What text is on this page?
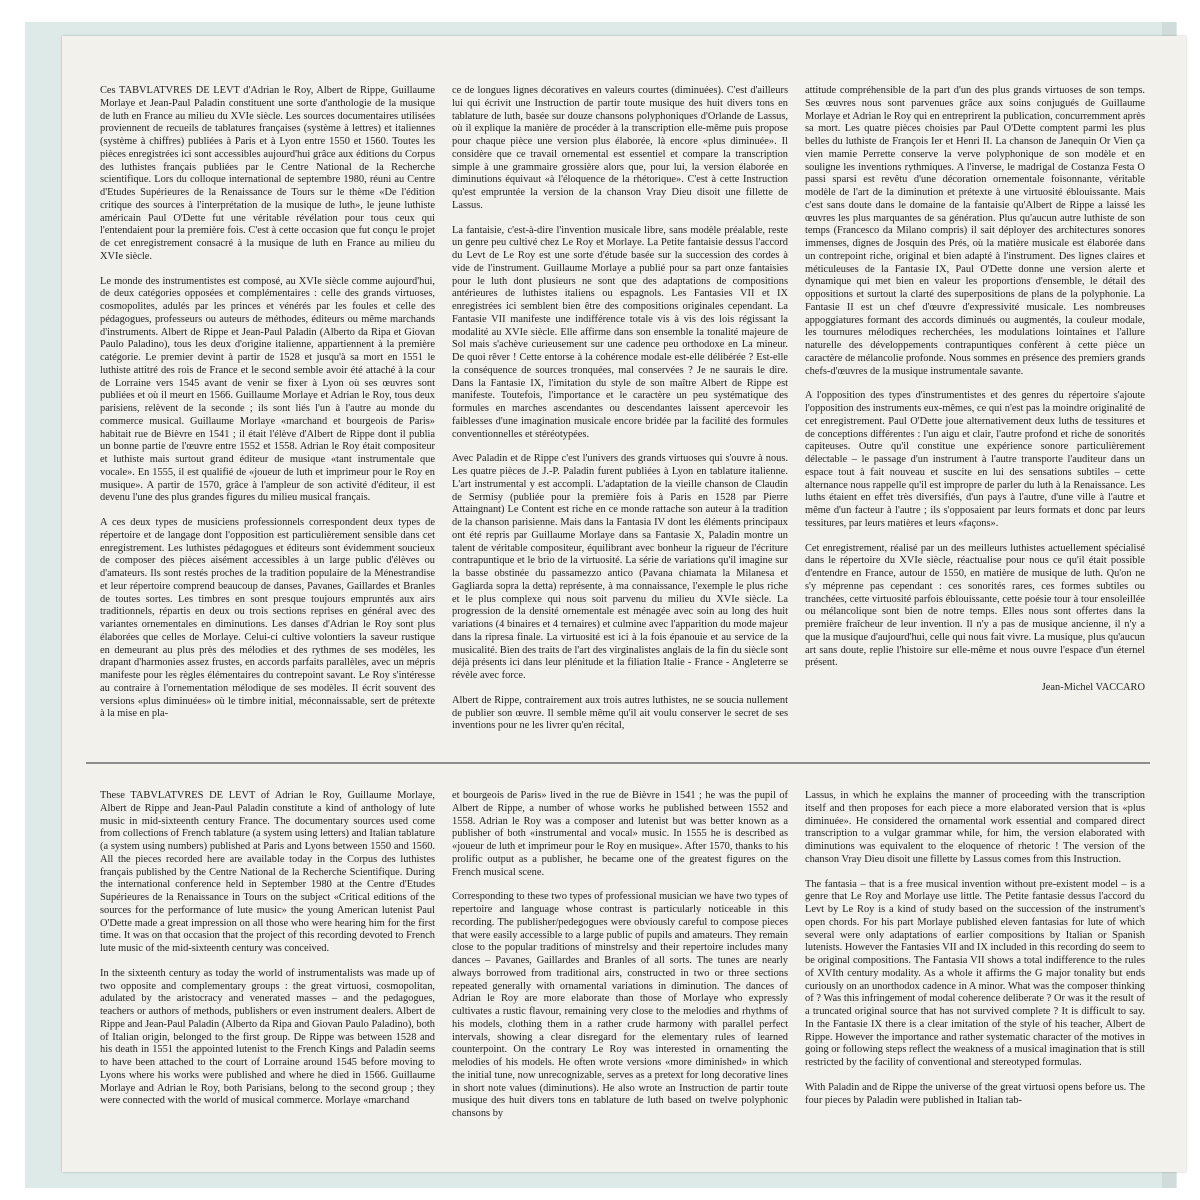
Ces TABVLATVRES DE LEVT d'Adrian le Roy, Albert de Rippe, Guillaume Morlaye et Jean-Paul Paladin constituent une sorte d'anthologie de la musique de luth en France au milieu du XVIe siècle. Les sources documentaires utilisées proviennent de recueils de tablatures françaises (système à lettres) et italiennes (système à chiffres) publiées à Paris et à Lyon entre 1550 et 1560. Toutes les pièces enregistrées ici sont accessibles aujourd'hui grâce aux éditions du Corpus des luthistes français publiées par le Centre National de la Recherche scientifique. Lors du colloque international de septembre 1980, réuni au Centre d'Etudes Supérieures de la Renaissance de Tours sur le thème «De l'édition critique des sources à l'interprétation de la musique de luth», le jeune luthiste américain Paul O'Dette fut une véritable révélation pour tous ceux qui l'entendaient pour la première fois. C'est à cette occasion que fut conçu le projet de cet enregistrement consacré à la musique de luth en France au milieu du XVIe siècle.

Le monde des instrumentistes est composé, au XVIe siècle comme aujourd'hui, de deux catégories opposées et complémentaires : celle des grands virtuoses, cosmopolites, adulés par les princes et vénérés par les foules et celle des pédagogues, professeurs ou auteurs de méthodes, éditeurs ou même marchands d'instruments. Albert de Rippe et Jean-Paul Paladin (Alberto da Ripa et Giovan Paulo Paladino), tous les deux d'origine italienne, appartiennent à la première catégorie. Le premier devint à partir de 1528 et jusqu'à sa mort en 1551 le luthiste attitré des rois de France et le second semble avoir été attaché à la cour de Lorraine vers 1545 avant de venir se fixer à Lyon où ses œuvres sont publiées et où il meurt en 1566. Guillaume Morlaye et Adrian le Roy, tous deux parisiens, relèvent de la seconde ; ils sont liés l'un à l'autre au monde du commerce musical. Guillaume Morlaye «marchand et bourgeois de Paris» habitait rue de Bièvre en 1541 ; il était l'élève d'Albert de Rippe dont il publia un bonne partie de l'œuvre entre 1552 et 1558. Adrian le Roy était compositeur et luthiste mais surtout grand éditeur de musique «tant instrumentale que vocale». En 1555, il est qualifié de «joueur de luth et imprimeur pour le Roy en musique». A partir de 1570, grâce à l'ampleur de son activité d'éditeur, il est devenu l'une des plus grandes figures du milieu musical français.

A ces deux types de musiciens professionnels correspondent deux types de répertoire et de langage dont l'opposition est particulièrement sensible dans cet enregistrement. Les luthistes pédagogues et éditeurs sont évidemment soucieux de composer des pièces aisément accessibles à un large public d'élèves ou d'amateurs. Ils sont restés proches de la tradition populaire de la Ménestrandise et leur répertoire comprend beaucoup de danses, Pavanes, Gaillardes et Branles de toutes sortes. Les timbres en sont presque toujours empruntés aux airs traditionnels, répartis en deux ou trois sections reprises en général avec des variantes ornementales en diminutions. Les danses d'Adrian le Roy sont plus élaborées que celles de Morlaye. Celui-ci cultive volontiers la saveur rustique en demeurant au plus près des mélodies et des rythmes de ses modèles, les drapant d'harmonies assez frustes, en accords parfaits parallèles, avec un mépris manifeste pour les règles élémentaires du contrepoint savant. Le Roy s'intéresse au contraire à l'ornementation mélodique de ses modèles. Il écrit souvent des versions «plus diminuées» où le timbre initial, méconnaissable, sert de prétexte à la mise en pla-

ce de longues lignes décoratives en valeurs courtes (diminuées). C'est d'ailleurs lui qui écrivit une Instruction de partir toute musique des huit divers tons en tablature de luth, basée sur douze chansons polyphoniques d'Orlande de Lassus, où il explique la manière de procéder à la transcription elle-même puis propose pour chaque pièce une version plus élaborée, là encore «plus diminuée». Il considère que ce travail ornemental est essentiel et compare la transcription simple à une grammaire grossière alors que, pour lui, la version élaborée en diminutions équivaut «à l'éloquence de la rhétorique». C'est à cette Instruction qu'est empruntée la version de la chanson Vray Dieu disoit une fillette de Lassus.

La fantaisie, c'est-à-dire l'invention musicale libre, sans modèle préalable, reste un genre peu cultivé chez Le Roy et Morlaye. La Petite fantaisie dessus l'accord du Levt de Le Roy est une sorte d'étude basée sur la succession des cordes à vide de l'instrument. Guillaume Morlaye a publié pour sa part onze fantaisies pour le luth dont plusieurs ne sont que des adaptations de compositions antérieures de luthistes italiens ou espagnols. Les Fantasies VII et IX enregistrées ici semblent bien être des compositions originales cependant. La Fantasie VII manifeste une indifférence totale vis à vis des lois régissant la modalité au XVIe siècle. Elle affirme dans son ensemble la tonalité majeure de Sol mais s'achève curieusement sur une cadence peu orthodoxe en La mineur. De quoi rêver ! Cette entorse à la cohérence modale est-elle délibérée ? Est-elle la conséquence de sources tronquées, mal conservées ? Je ne saurais le dire. Dans la Fantasie IX, l'imitation du style de son maître Albert de Rippe est manifeste. Toutefois, l'importance et le caractère un peu systématique des formules en marches ascendantes ou descendantes laissent apercevoir les faiblesses d'une imagination musicale encore bridée par la facilité des formules conventionnelles et stéréotypées.

Avec Paladin et de Rippe c'est l'univers des grands virtuoses qui s'ouvre à nous. Les quatre pièces de J.-P. Paladin furent publiées à Lyon en tablature italienne. L'art instrumental y est accompli. L'adaptation de la vieille chanson de Claudin de Sermisy (publiée pour la première fois à Paris en 1528 par Pierre Attaingnant) Le Content est riche en ce monde rattache son auteur à la tradition de la chanson parisienne. Mais dans la Fantasia IV dont les éléments principaux ont été repris par Guillaume Morlaye dans sa Fantasie X, Paladin montre un talent de véritable compositeur, équilibrant avec bonheur la rigueur de l'écriture contrapuntique et le brio de la virtuosité. La série de variations qu'il imagine sur la basse obstinée du passamezzo antico (Pavana chiamata la Milanesa et Gagliarda sopra la detta) représente, à ma connaissance, l'exemple le plus riche et le plus complexe qui nous soit parvenu du milieu du XVIe siècle. La progression de la densité ornementale est ménagée avec soin au long des huit variations (4 binaires et 4 ternaires) et culmine avec l'apparition du mode majeur dans la ripresa finale. La virtuosité est ici à la fois épanouie et au service de la musicalité. Bien des traits de l'art des virginalistes anglais de la fin du siècle sont déjà présents ici dans leur plénitude et la filiation Italie - France - Angleterre se révèle avec force.

Albert de Rippe, contrairement aux trois autres luthistes, ne se soucia nullement de publier son œuvre. Il semble même qu'il ait voulu conserver le secret de ses inventions pour ne les livrer qu'en récital,

attitude compréhensible de la part d'un des plus grands virtuoses de son temps. Ses œuvres nous sont parvenues grâce aux soins conjugués de Guillaume Morlaye et Adrian le Roy qui en entreprirent la publication, concurremment après sa mort. Les quatre pièces choisies par Paul O'Dette comptent parmi les plus belles du luthiste de François Ier et Henri II. La chanson de Janequin Or Vien ça vien mamie Perrette conserve la verve polyphonique de son modèle et en souligne les inventions rythmiques. A l'inverse, le madrigal de Costanza Festa O passi sparsi est revêtu d'une décoration ornementale foisonnante, véritable modèle de l'art de la diminution et prétexte à une virtuosité éblouissante. Mais c'est sans doute dans le domaine de la fantaisie qu'Albert de Rippe a laissé les œuvres les plus marquantes de sa génération. Plus qu'aucun autre luthiste de son temps (Francesco da Milano compris) il sait déployer des architectures sonores immenses, dignes de Josquin des Prés, où la matière musicale est élaborée dans un contrepoint riche, original et bien adapté à l'instrument. Des lignes claires et méticuleuses de la Fantasie IX, Paul O'Dette donne une version alerte et dynamique qui met bien en valeur les proportions d'ensemble, le détail des oppositions et surtout la clarté des superpositions de plans de la polyphonie. La Fantasie II est un chef d'œuvre d'expressivité musicale. Les nombreuses appoggiatures formant des accords diminués ou augmentés, la couleur modale, les tournures mélodiques recherchées, les modulations lointaines et l'allure naturelle des développements contrapuntiques confèrent à cette pièce un caractère de mélancolie profonde. Nous sommes en présence des premiers grands chefs-d'œuvres de la musique instrumentale savante.

A l'opposition des types d'instrumentistes et des genres du répertoire s'ajoute l'opposition des instruments eux-mêmes, ce qui n'est pas la moindre originalité de cet enregistrement. Paul O'Dette joue alternativement deux luths de tessitures et de conceptions différentes : l'un aigu et clair, l'autre profond et riche de sonorités capiteuses. Outre qu'il constitue une expérience sonore particulièrement délectable – le passage d'un instrument à l'autre transporte l'auditeur dans un espace tout à fait nouveau et suscite en lui des sensations subtiles – cette alternance nous rappelle qu'il est impropre de parler du luth à la Renaissance. Les luths étaient en effet très diversifiés, d'un pays à l'autre, d'une ville à l'autre et même d'un facteur à l'autre ; ils s'opposaient par leurs formats et donc par leurs tessitures, par leurs matières et leurs «façons».

Cet enregistrement, réalisé par un des meilleurs luthistes actuellement spécialisé dans le répertoire du XVIe siècle, réactualise pour nous ce qu'il était possible d'entendre en France, autour de 1550, en matière de musique de luth. Qu'on ne s'y méprenne pas cependant : ces sonorités rares, ces formes subtiles ou tranchées, cette virtuosité parfois éblouissante, cette poésie tour à tour ensoleillée ou mélancolique sont bien de notre temps. Elles nous sont offertes dans la première fraîcheur de leur invention. Il n'y a pas de musique ancienne, il n'y a que la musique d'aujourd'hui, celle qui nous fait vivre. La musique, plus qu'aucun art sans doute, replie l'histoire sur elle-même et nous ouvre l'espace d'un éternel présent.

Jean-Michel VACCARO

These TABVLATVRES DE LEVT of Adrian le Roy, Guillaume Morlaye, Albert de Rippe and Jean-Paul Paladin constitute a kind of anthology of lute music in mid-sixteenth century France. The documentary sources used come from collections of French tablature (a system using letters) and Italian tablature (a system using numbers) published at Paris and Lyons between 1550 and 1560. All the pieces recorded here are available today in the Corpus des luthistes français published by the Centre National de la Recherche Scientifique. During the international conference held in September 1980 at the Centre d'Etudes Supérieures de la Renaissance in Tours on the subject «Critical editions of the sources for the performance of lute music» the young American lutenist Paul O'Dette made a great impression on all those who were hearing him for the first time. It was on that occasion that the project of this recording devoted to French lute music of the mid-sixteenth century was conceived.

In the sixteenth century as today the world of instrumentalists was made up of two opposite and complementary groups : the great virtuosi, cosmopolitan, adulated by the aristocracy and venerated masses – and the pedagogues, teachers or authors of methods, publishers or even instrument dealers. Albert de Rippe and Jean-Paul Paladin (Alberto da Ripa and Giovan Paulo Paladino), both of Italian origin, belonged to the first group. De Rippe was between 1528 and his death in 1551 the appointed lutenist to the French Kings and Paladin seems to have been attached to the court of Lorraine around 1545 before moving to Lyons where his works were published and where he died in 1566. Guillaume Morlaye and Adrian le Roy, both Parisians, belong to the second group ; they were connected with the world of musical commerce. Morlaye «marchand

et bourgeois de Paris» lived in the rue de Bièvre in 1541 ; he was the pupil of Albert de Rippe, a number of whose works he published between 1552 and 1558. Adrian le Roy was a composer and lutenist but was better known as a publisher of both «instrumental and vocal» music. In 1555 he is described as «joueur de luth et imprimeur pour le Roy en musique». After 1570, thanks to his prolific output as a publisher, he became one of the greatest figures on the French musical scene.

Corresponding to these two types of professional musician we have two types of repertoire and language whose contrast is particularly noticeable in this recording. The publisher/pedegogues were obviously careful to compose pieces that were easily accessible to a large public of pupils and amateurs. They remain close to the popular traditions of minstrelsy and their repertoire includes many dances – Pavanes, Gaillardes and Branles of all sorts. The tunes are nearly always borrowed from traditional airs, constructed in two or three sections repeated generally with ornamental variations in diminution. The dances of Adrian le Roy are more elaborate than those of Morlaye who expressly cultivates a rustic flavour, remaining very close to the melodies and rhythms of his models, clothing them in a rather crude harmony with parallel perfect intervals, showing a clear disregard for the elementary rules of learned counterpoint. On the contrary Le Roy was interested in ornamenting the melodies of his models. He often wrote versions «more diminished» in which the initial tune, now unrecognizable, serves as a pretext for long decorative lines in short note values (diminutions). He also wrote an Instruction de partir toute musique des huit divers tons en tablature de luth based on twelve polyphonic chansons by

Lassus, in which he explains the manner of proceeding with the transcription itself and then proposes for each piece a more elaborated version that is «plus diminuée». He considered the ornamental work essential and compared direct transcription to a vulgar grammar while, for him, the version elaborated with diminutions was equivalent to the eloquence of rhetoric ! The version of the chanson Vray Dieu disoit une fillette by Lassus comes from this Instruction.

The fantasia – that is a free musical invention without pre-existent model – is a genre that Le Roy and Morlaye use little. The Petite fantasie dessus l'accord du Levt by Le Roy is a kind of study based on the succession of the instrument's open chords. For his part Morlaye published eleven fantasias for lute of which several were only adaptations of earlier compositions by Italian or Spanish lutenists. However the Fantasies VII and IX included in this recording do seem to be original compositions. The Fantasia VII shows a total indifference to the rules of XVIth century modality. As a whole it affirms the G major tonality but ends curiously on an unorthodox cadence in A minor. What was the composer thinking of ? Was this infringement of modal coherence deliberate ? Or was it the result of a truncated original source that has not survived complete ? It is difficult to say. In the Fantasie IX there is a clear imitation of the style of his teacher, Albert de Rippe. However the importance and rather systematic character of the motives in going or following steps reflect the weakness of a musical imagination that is still restricted by the facility of conventional and stereotyped formulas.

With Paladin and de Rippe the universe of the great virtuosi opens before us. The four pieces by Paladin were published in Italian tab-
